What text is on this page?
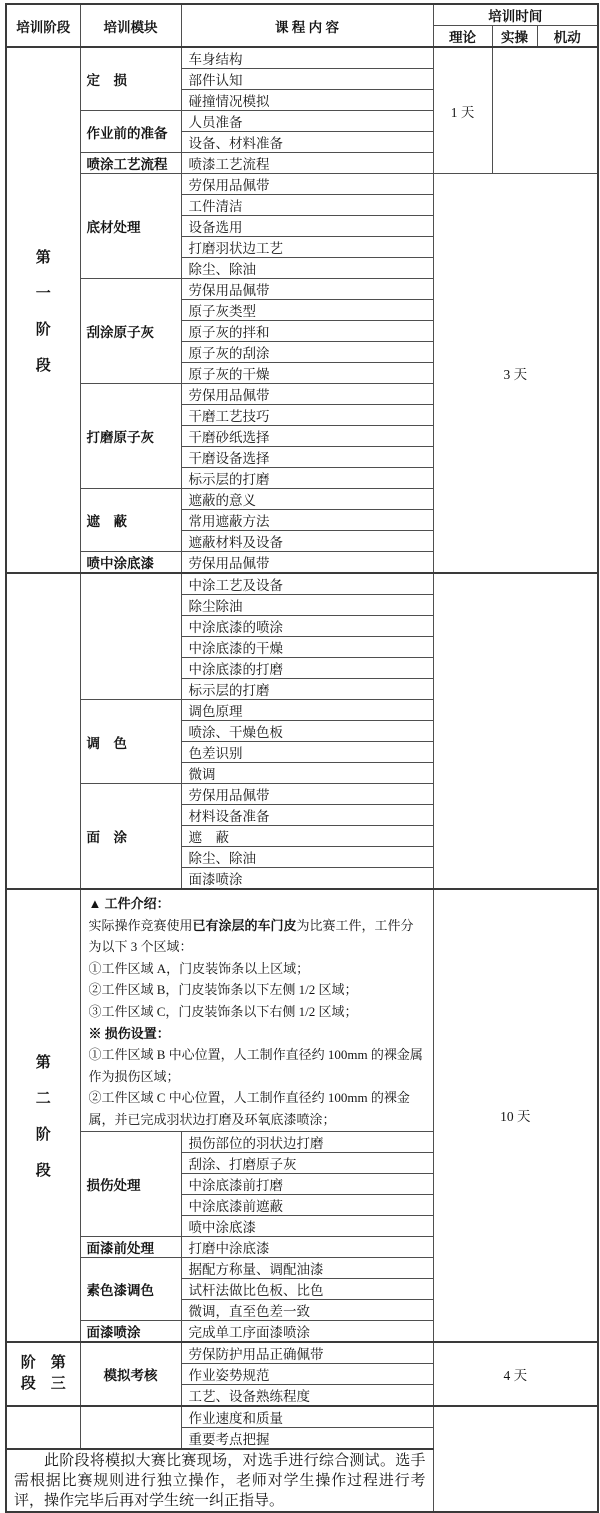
培训阶段	培训模块	课 程 内 容	培训时间		
			理论	实操	机动

第
一
阶
段	定　损	车身结构	1 天		
		部件认知			
		碰撞情况模拟			
	作业前的准备	人员准备			
		设备、材料准备			
	喷涂工艺流程	喷漆工艺流程			
	底材处理	劳保用品佩带	3 天		
		工件清洁			
		设备选用			
		打磨羽状边工艺			
		除尘、除油			
	刮涂原子灰	劳保用品佩带			
		原子灰类型			
		原子灰的拌和			
		原子灰的刮涂			
		原子灰的干燥			
	打磨原子灰	劳保用品佩带			
		干磨工艺技巧			
		干磨砂纸选择			
		干磨设备选择			
		标示层的打磨			
	遮　蔽	遮蔽的意义			
		常用遮蔽方法			
		遮蔽材料及设备			
	喷中涂底漆	劳保用品佩带			
		中涂工艺及设备			
		除尘除油			
		中涂底漆的喷涂			
		中涂底漆的干燥			
		中涂底漆的打磨			
		标示层的打磨			
	调　色	调色原理			
		喷涂、干燥色板			
		色差识别			
		微调			
	面　涂	劳保用品佩带			
		材料设备准备			
		遮　蔽			
		除尘、除油			
		面漆喷涂			

第
二
阶
段

▲ 工件介绍：
实际操作竞赛使用已有涂层的车门皮为比赛工件，工件分为以下 3 个区域：
①工件区域 A，门皮装饰条以上区域；
②工件区域 B，门皮装饰条以下左侧 1/2 区域；
③工件区域 C，门皮装饰条以下右侧 1/2 区域；
※ 损伤设置：
①工件区域 B 中心位置，人工制作直径约 100mm 的裸金属作为损伤区域；
②工件区域 C 中心位置，人工制作直径约 100mm 的裸金属，并已完成羽状边打磨及环氧底漆喷涂；	10 天
	损伤处理	损伤部位的羽状边打磨			
		刮涂、打磨原子灰			
		中涂底漆前打磨			
		中涂底漆前遮蔽			
		喷中涂底漆			
	面漆前处理	打磨中涂底漆			
	素色漆调色	据配方称量、调配油漆			
		试杆法做比色板、比色			
		微调，直至色差一致			
	面漆喷涂	完成单工序面漆喷涂			

阶　第
段　三	模拟考核	劳保防护用品正确佩带	4 天		
		作业姿势规范			
		工艺、设备熟练程度			
		作业速度和质量			
		重要考点把握			
此阶段将模拟大赛比赛现场，对选手进行综合测试。选手需根据比赛规则进行独立操作，老师对学生操作过程进行考评，操作完毕后再对学生统一纠正指导。					
